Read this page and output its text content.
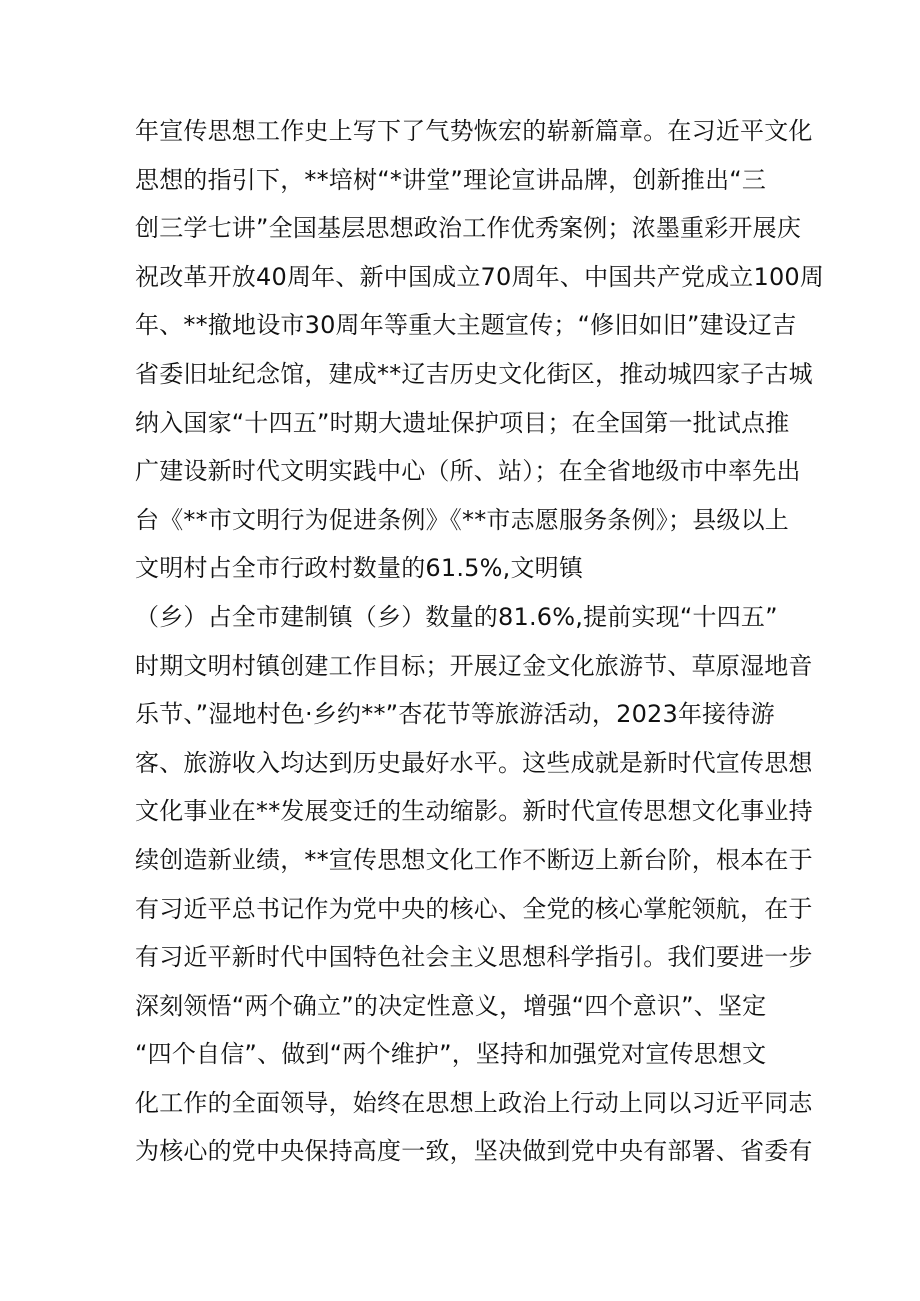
年宣传思想工作史上写下了气势恢宏的崭新篇章。在习近平文化
思想的指引下，**培树“*讲堂”理论宣讲品牌，创新推出“三
创三学七讲”全国基层思想政治工作优秀案例；浓墨重彩开展庆
祝改革开放40周年、新中国成立70周年、中国共产党成立100周
年、**撤地设市30周年等重大主题宣传；“修旧如旧”建设辽吉
省委旧址纪念馆，建成**辽吉历史文化街区，推动城四家子古城
纳入国家“十四五”时期大遗址保护项目；在全国第一批试点推
广建设新时代文明实践中心（所、站）；在全省地级市中率先出
台《**市文明行为促进条例》《**市志愿服务条例》；县级以上
文明村占全市行政村数量的61.5%,文明镇
（乡）占全市建制镇（乡）数量的81.6%,提前实现“十四五”
时期文明村镇创建工作目标；开展辽金文化旅游节、草原湿地音
乐节、”湿地村色·乡约**”杏花节等旅游活动，2023年接待游
客、旅游收入均达到历史最好水平。这些成就是新时代宣传思想
文化事业在**发展变迁的生动缩影。新时代宣传思想文化事业持
续创造新业绩，**宣传思想文化工作不断迈上新台阶，根本在于
有习近平总书记作为党中央的核心、全党的核心掌舵领航，在于
有习近平新时代中国特色社会主义思想科学指引。我们要进一步
深刻领悟“两个确立”的决定性意义，增强“四个意识”、坚定
“四个自信”、做到“两个维护”，坚持和加强党对宣传思想文
化工作的全面领导，始终在思想上政治上行动上同以习近平同志
为核心的党中央保持高度一致，坚决做到党中央有部署、省委有
